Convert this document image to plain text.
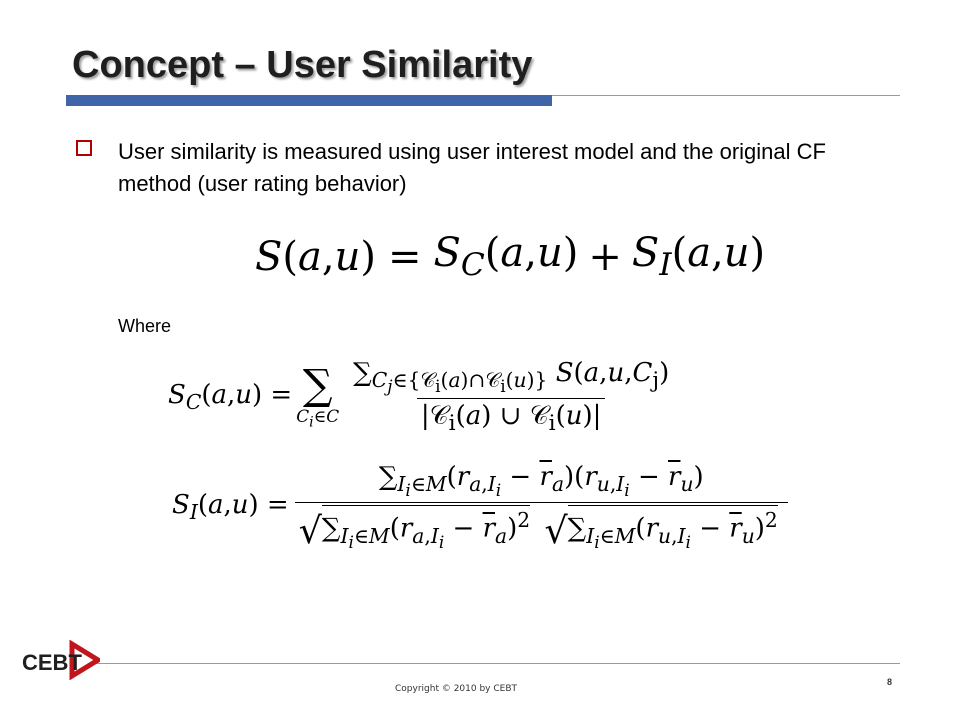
Concept – User Similarity
User similarity is measured using user interest model and the original CF method (user rating behavior)
$S(a,u) = S_C(a,u) + S_I(a,u)$
Where
$S_C(a,u)$ = ∑
$C_i\in C \frac{\sum_{C_j\in\{𝒞_i(a)\cap 𝒞_i(u)\}} S(a,u,C_j)}{|𝒞_i(a) \cup 𝒞_i(u)|}$
$S_I(a,u) = \sum_{I_i\in M}(r_{a,I_i} - \overline{r}_a)(r_{u,I_i} - \overline{r}_u)$
√ $\sum_{I_i\in M}(r_{a,I_i} - \overline{r}_a)^2$
√ $\sum_{I_i\in M}(r_{u,I_i} - \overline{r}_u)^2$
CEBT
Copyright © 2010 by CEBT
8
